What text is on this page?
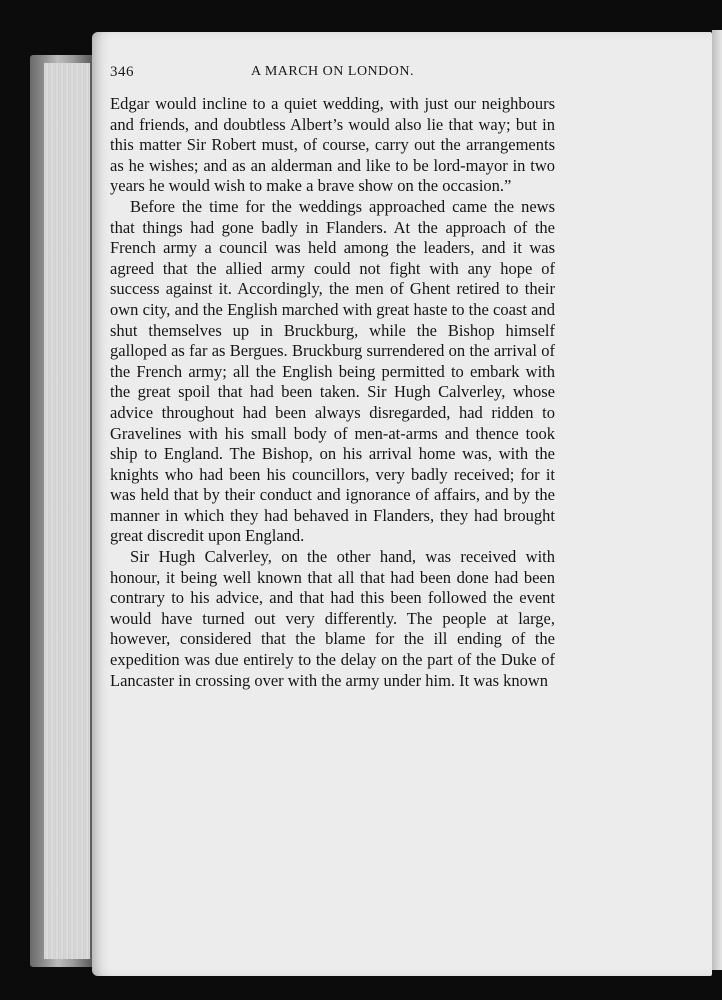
346	A MARCH ON LONDON.

Edgar would incline to a quiet wedding, with just our neighbours and friends, and doubtless Albert’s would also lie that way; but in this matter Sir Robert must, of course, carry out the arrangements as he wishes; and as an alderman and like to be lord-mayor in two years he would wish to make a brave show on the occasion.”

Before the time for the weddings approached came the news that things had gone badly in Flanders. At the approach of the French army a council was held among the leaders, and it was agreed that the allied army could not fight with any hope of success against it. Accordingly, the men of Ghent retired to their own city, and the English marched with great haste to the coast and shut themselves up in Bruckburg, while the Bishop himself galloped as far as Bergues. Bruckburg surrendered on the arrival of the French army; all the English being permitted to embark with the great spoil that had been taken. Sir Hugh Calverley, whose advice throughout had been always disregarded, had ridden to Gravelines with his small body of men-at-arms and thence took ship to England. The Bishop, on his arrival home was, with the knights who had been his councillors, very badly received; for it was held that by their conduct and ignorance of affairs, and by the manner in which they had behaved in Flanders, they had brought great discredit upon England.

Sir Hugh Calverley, on the other hand, was received with honour, it being well known that all that had been done had been contrary to his advice, and that had this been followed the event would have turned out very differently. The people at large, however, considered that the blame for the ill ending of the expedition was due entirely to the delay on the part of the Duke of Lancaster in crossing over with the army under him. It was known
